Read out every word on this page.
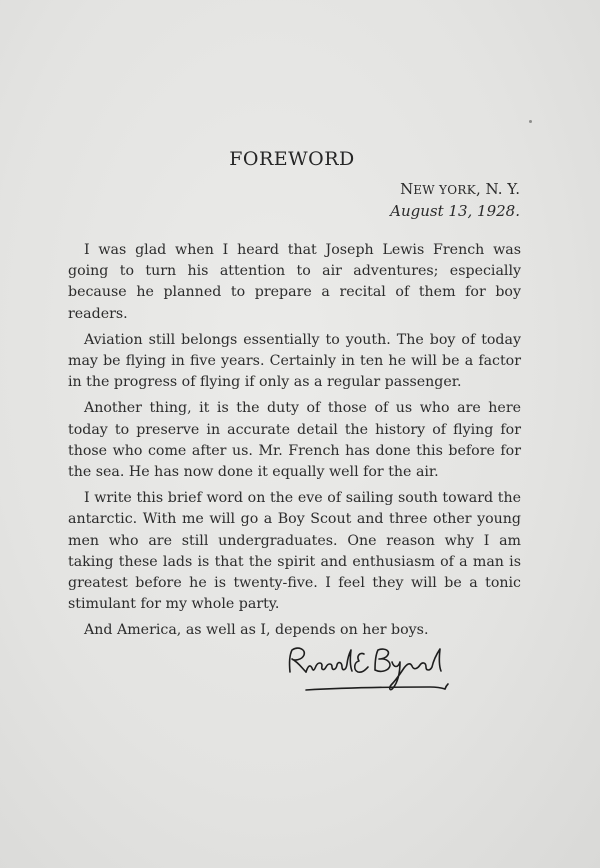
FOREWORD
NEW YORK, N. Y.
August 13, 1928.

I was glad when I heard that Joseph Lewis French was going to turn his attention to air adventures; especially because he planned to prepare a recital of them for boy readers.

Aviation still belongs essentially to youth. The boy of today may be flying in five years. Certainly in ten he will be a factor in the progress of flying if only as a regular passenger.

Another thing, it is the duty of those of us who are here today to preserve in accurate detail the history of flying for those who come after us. Mr. French has done this before for the sea. He has now done it equally well for the air.

I write this brief word on the eve of sailing south toward the antarctic. With me will go a Boy Scout and three other young men who are still undergraduates. One reason why I am taking these lads is that the spirit and enthusiasm of a man is greatest before he is twenty-five. I feel they will be a tonic stimulant for my whole party.

And America, as well as I, depends on her boys.

Richard E Byrd
